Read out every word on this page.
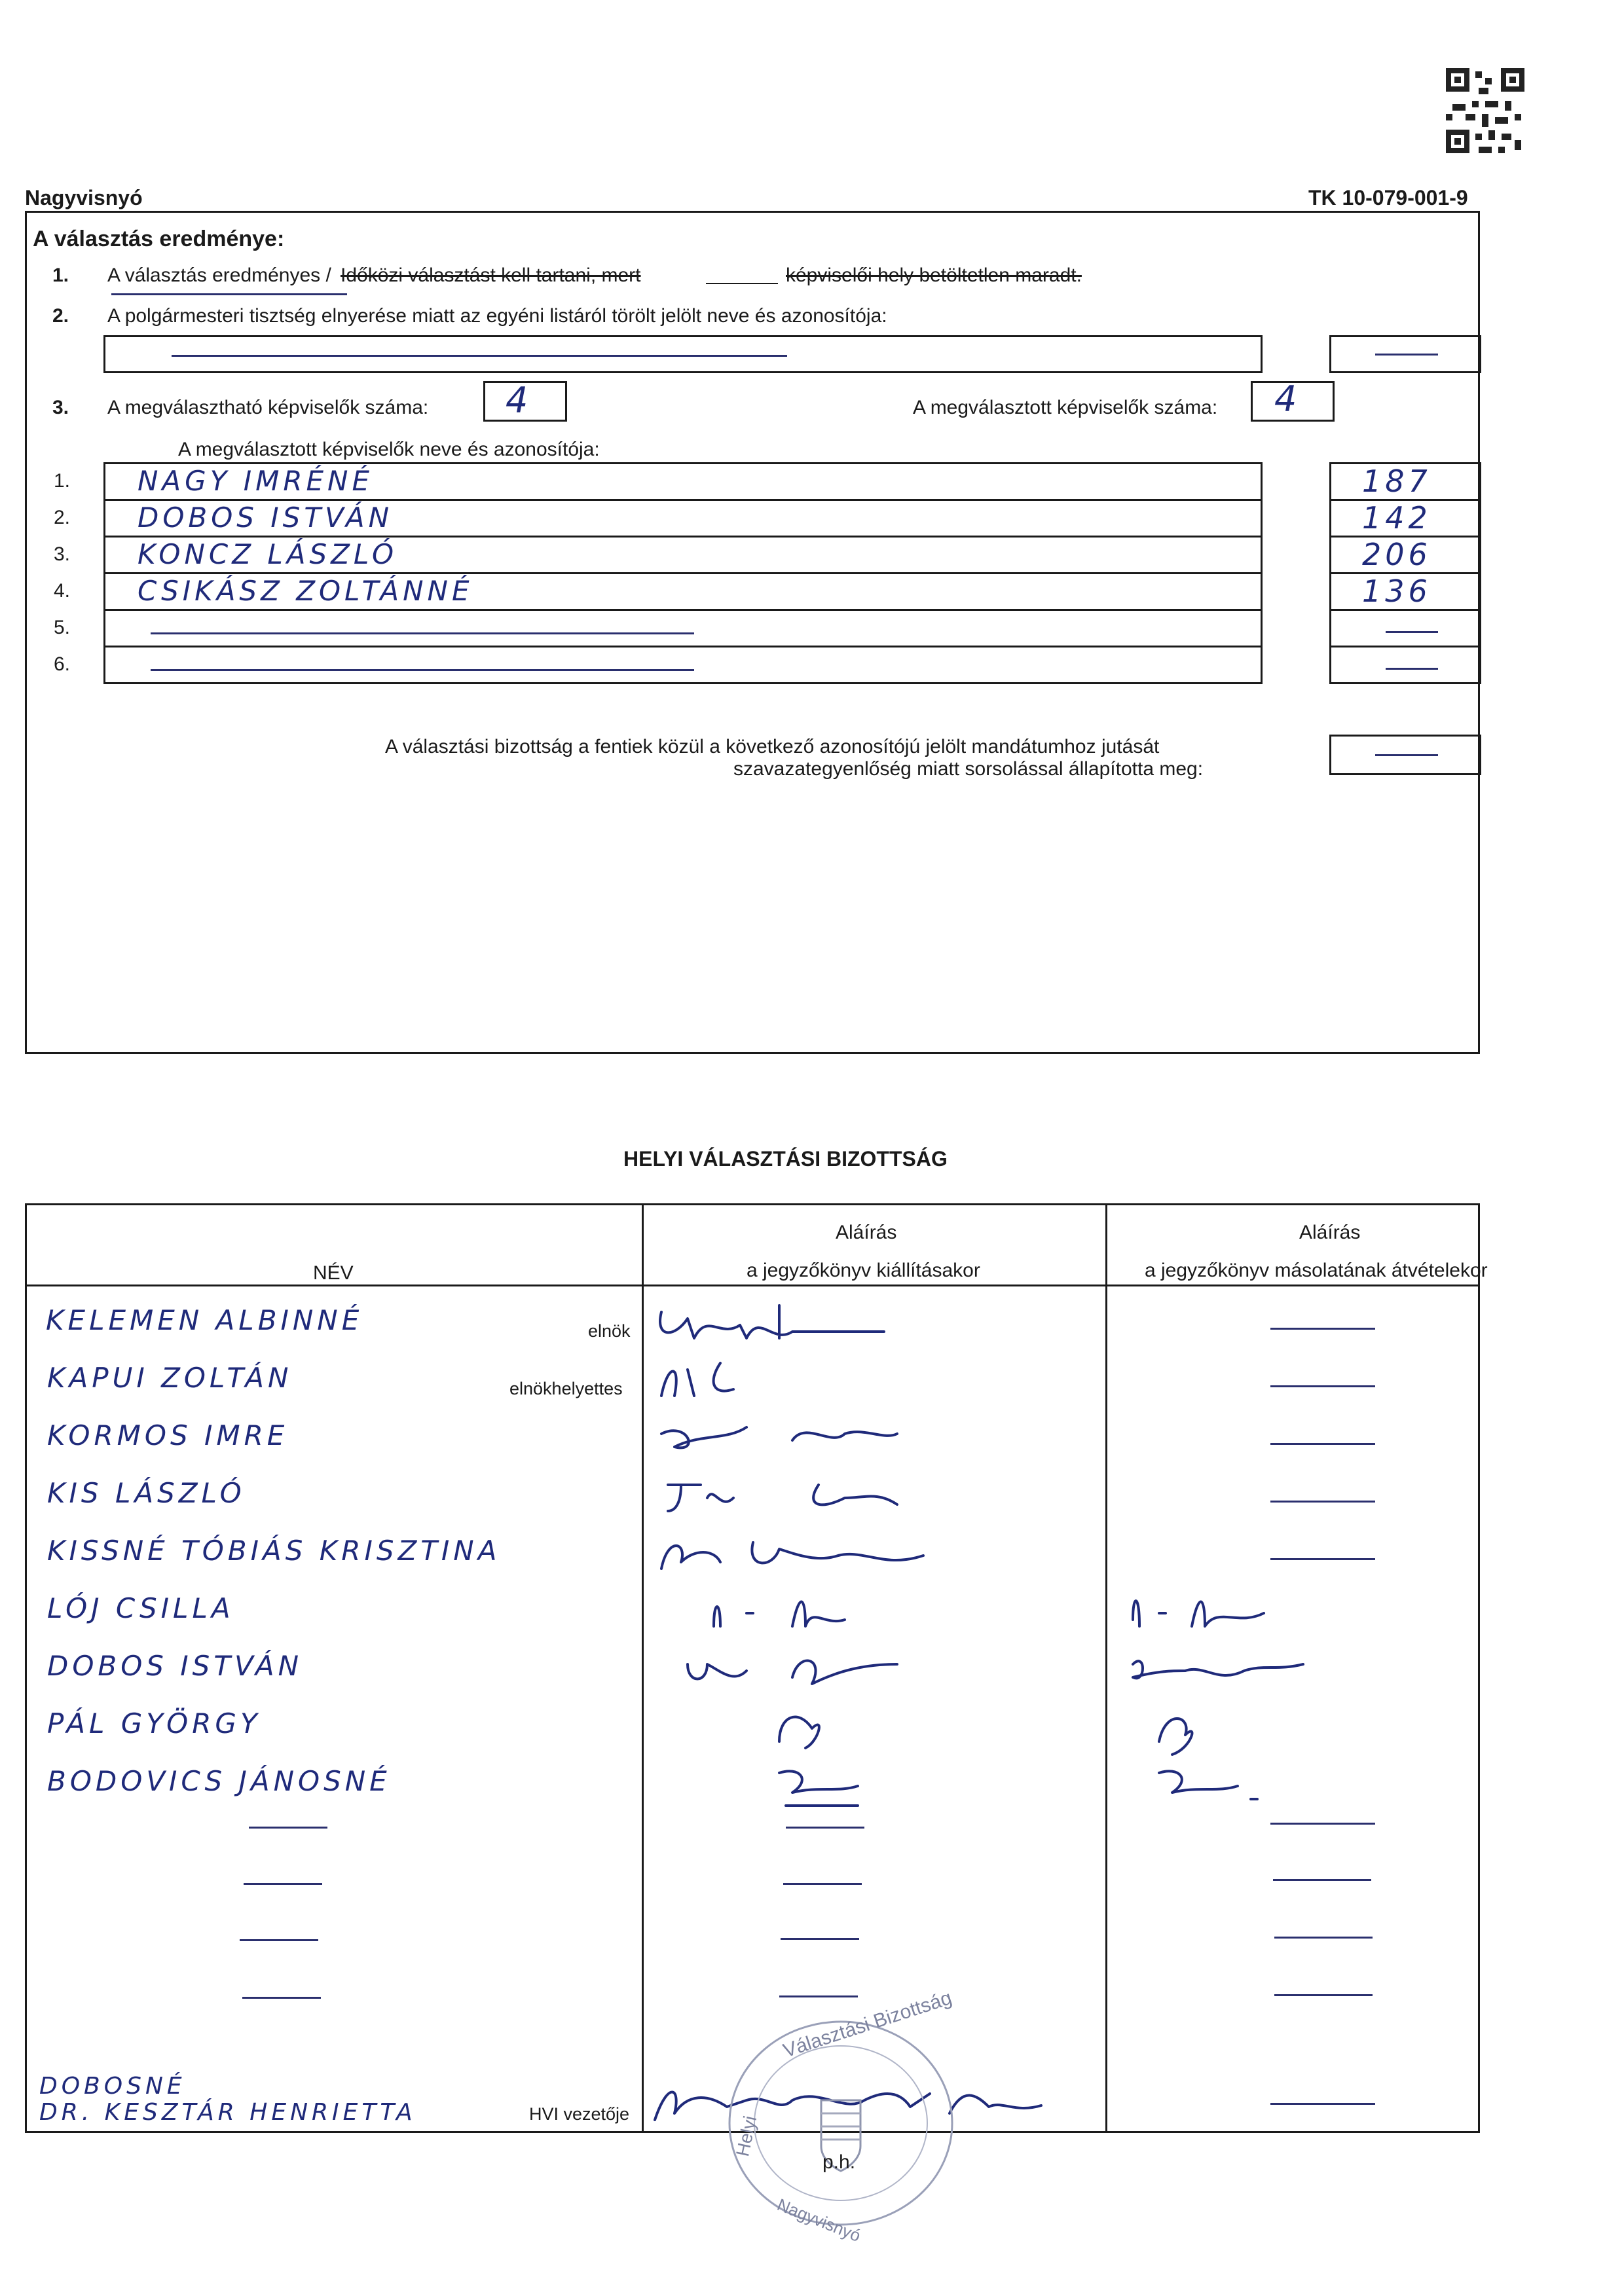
Nagyvisnyó	TK 10-079-001-9
A választás eredménye:
1. A választás eredményes / Időközi választást kell tartani, mert	képviselői hely betöltetlen maradt.
2. A polgármesteri tisztség elnyerése miatt az egyéni listáról törölt jelölt neve és azonosítója:
3. A megválasztható képviselők száma: 4	A megválasztott képviselők száma: 4
A megválasztott képviselők neve és azonosítója:
1. NAGY IMRÉNÉ	187
2. DOBOS ISTVÁN	142
3. KONCZ LÁSZLÓ	206
4. CSIKÁSZ ZOLTÁNNÉ	136
5.
6.
A választási bizottság a fentiek közül a következő azonosítójú jelölt mandátumhoz jutását
szavazategyenlőség miatt sorsolással állapította meg:
HELYI VÁLASZTÁSI BIZOTTSÁG
NÉV
Aláírás
a jegyzőkönyv kiállításakor
Aláírás
a jegyzőkönyv másolatának átvételekor
KELEMEN ALBINNÉ	elnök
KAPUI ZOLTÁN	elnökhelyettes
KORMOS IMRE
KIS LÁSZLÓ
KISSNÉ TÓBIÁS KRISZTINA
LÓJ CSILLA
DOBOS ISTVÁN
PÁL GYÖRGY
BODOVICS JÁNOSNÉ
DOBOSNÉ
DR. KESZTÁR HENRIETTA	HVI vezetője
Választási Bizottság
Helyi
Nagyvisnyó
p.h.
